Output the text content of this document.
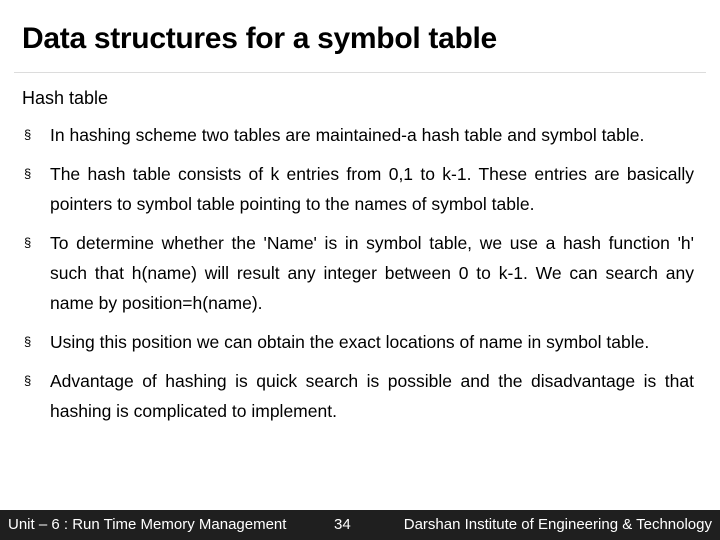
Data structures for a symbol table
Hash table
§ In hashing scheme two tables are maintained-a hash table and symbol table.
§ The hash table consists of k entries from 0,1 to k-1. These entries are basically pointers to symbol table pointing to the names of symbol table.
§ To determine whether the 'Name' is in symbol table, we use a hash function 'h' such that h(name) will result any integer between 0 to k-1. We can search any name by position=h(name).
§ Using this position we can obtain the exact locations of name in symbol table.
§ Advantage of hashing is quick search is possible and the disadvantage is that hashing is complicated to implement.
Unit – 6 : Run Time Memory Management	34	Darshan Institute of Engineering & Technology
